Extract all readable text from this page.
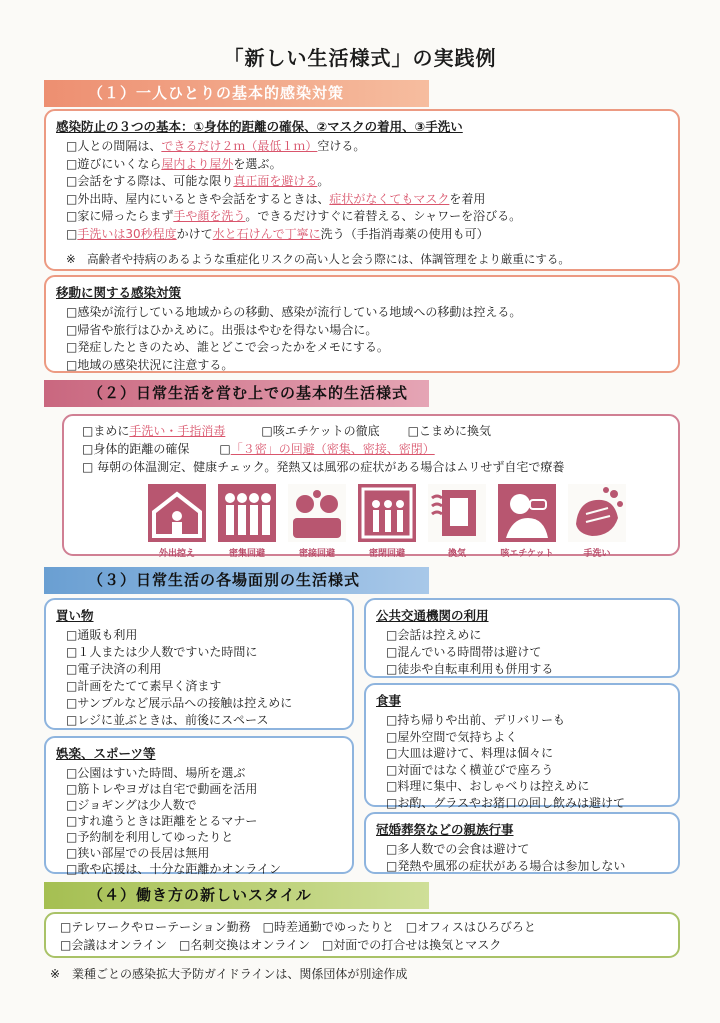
「新しい生活様式」の実践例
（１）一人ひとりの基本的感染対策
感染防止の３つの基本：①身体的距離の確保、②マスクの着用、③手洗い
□人との間隔は、できるだけ２ｍ（最低１ｍ）空ける。
□遊びにいくなら屋内より屋外を選ぶ。
□会話をする際は、可能な限り真正面を避ける。
□外出時、屋内にいるときや会話をするときは、症状がなくてもマスクを着用
□家に帰ったらまず手や顔を洗う。できるだけすぐに着替える、シャワーを浴びる。
□手洗いは30秒程度かけて水と石けんで丁寧に洗う（手指消毒薬の使用も可）
※　高齢者や持病のあるような重症化リスクの高い人と会う際には、体調管理をより厳重にする。
移動に関する感染対策
□感染が流行している地域からの移動、感染が流行している地域への移動は控える。
□帰省や旅行はひかえめに。出張はやむを得ない場合に。
□発症したときのため、誰とどこで会ったかをメモにする。
□地域の感染状況に注意する。
（２）日常生活を営む上での基本的生活様式
□まめに手洗い・手指消毒	□咳エチケットの徹底 □こまめに換気
□身体的距離の確保	□「３密」の回避（密集、密接、密閉）
□ 毎朝の体温測定、健康チェック。発熱又は風邪の症状がある場合はムリせず自宅で療養
外出控え	密集回避	密接回避	密閉回避	換気	咳エチケット	手洗い
（３）日常生活の各場面別の生活様式
買い物
□通販も利用
□１人または少人数ですいた時間に
□電子決済の利用
□計画をたてて素早く済ます
□サンプルなど展示品への接触は控えめに
□レジに並ぶときは、前後にスペース
娯楽、スポーツ等
□公園はすいた時間、場所を選ぶ
□筋トレやヨガは自宅で動画を活用
□ジョギングは少人数で
□すれ違うときは距離をとるマナー
□予約制を利用してゆったりと
□狭い部屋での長居は無用
□歌や応援は、十分な距離かオンライン
公共交通機関の利用
□会話は控えめに
□混んでいる時間帯は避けて
□徒歩や自転車利用も併用する
食事
□持ち帰りや出前、デリバリーも
□屋外空間で気持ちよく
□大皿は避けて、料理は個々に
□対面ではなく横並びで座ろう
□料理に集中、おしゃべりは控えめに
□お酌、グラスやお猪口の回し飲みは避けて
冠婚葬祭などの親族行事
□多人数での会食は避けて
□発熱や風邪の症状がある場合は参加しない
（４）働き方の新しいスタイル
□テレワークやローテーション勤務 □時差通勤でゆったりと □オフィスはひろびろと
□会議はオンライン □名刺交換はオンライン □対面での打合せは換気とマスク
※　業種ごとの感染拡大予防ガイドラインは、関係団体が別途作成
